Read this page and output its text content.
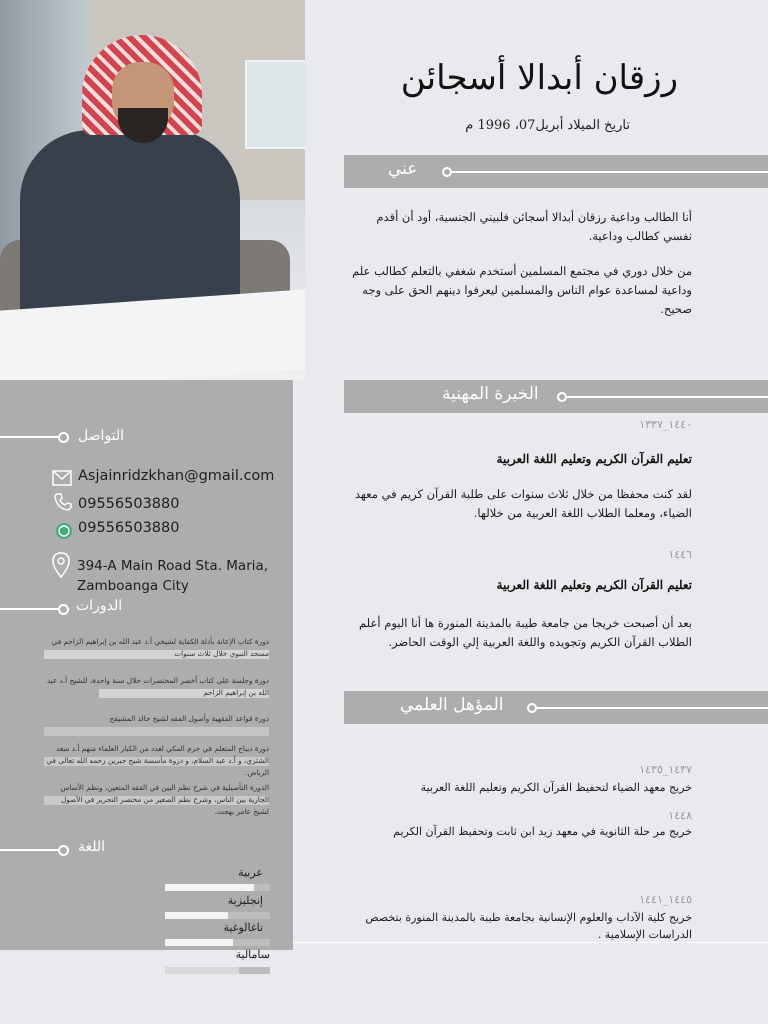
رزقان أبدالا أسجائن
تاريخ الميلاد أبريل07، 1996 م
عني
أنا الطالب وداعية رزقان أبدالا أسجائن فلبيني الجنسية، أود أن أقدم نفسي كطالب وداعية.
من خلال دوري في مجتمع المسلمين أستخدم شغفي بالتعلم كطالب علم وداعية لمساعدة عوام الناس والمسلمين ليعرفوا دينهم الحق على وجه صحيح.
الخبرة المهنية
١٤٤٠_١٣٣٧
تعليم القرآن الكريم وتعليم اللغة العربية
لقد كنت محفظا من خلال ثلاث سنوات على طلبة القرآن كريم في معهد الضياء، ومعلما الطلاب اللغة العربية من خلالها.
١٤٤٦
تعليم القرآن الكريم وتعليم اللغة العربية
بعد أن أصبحت خريجا من جامعة طيبة بالمدينة المنورة ها أنا اليوم أعلم الطلاب القرآن الكريم وتجويده واللغة العربية إلي الوقت الحاضر.
المؤهل العلمي
١٤٣٧_١٤٣٥
خريج معهد الضياء لتحفيظ القرآن الكريم وتعليم اللغة العربية
١٤٤٨
خريج مر حلة الثانوية في معهد زيد ابن ثابت وتحفيظ القرآن الكريم
١٤٤٥_١٤٤١
خريج كلية الآداب والعلوم الإنسانية بجامعة طيبة بالمدينة المنورة بتخصص الدراسات الإسلامية .
التواصل
Asjainridzkhan@gmail.com
09556503880
09556503880
394-A Main Road Sta. Maria,
Zamboanga City
الدورات
دورة كتاب الإعانة بأدلة الكفاية لشيخي أ.د عبد الله بن إبراهيم الزاحم في مسجد النبوي خلال ثلاث سنوات
دورة وجلسة على كتاب أخصر المختصرات خلال سنة واحدة، للشيخ أ.د عبد الله بن إبراهيم الزاحم
دورة قواعد الفقهية وأصول الفقه لشيخ خالد المشيقح
دورة ديباج المتعلم في حرم المكي لعدد من الكبار العلماء منهم أ.د سعد الشثري، و أ.د عبد السلام، و دزوة مأسسة شيخ جبرين رحمه الله تعالى في الرياض.
الدورة التأصيلية في شرح نظم البين في الفقه المتعين، ونظم الأساس الجارية بين الناس، وشرح نظم الصغير من مختصر التحرير في الأصول لشيخ عامر بهجت.
اللغة
عربية
إنجليزية
تاغالوغية
سامالية
